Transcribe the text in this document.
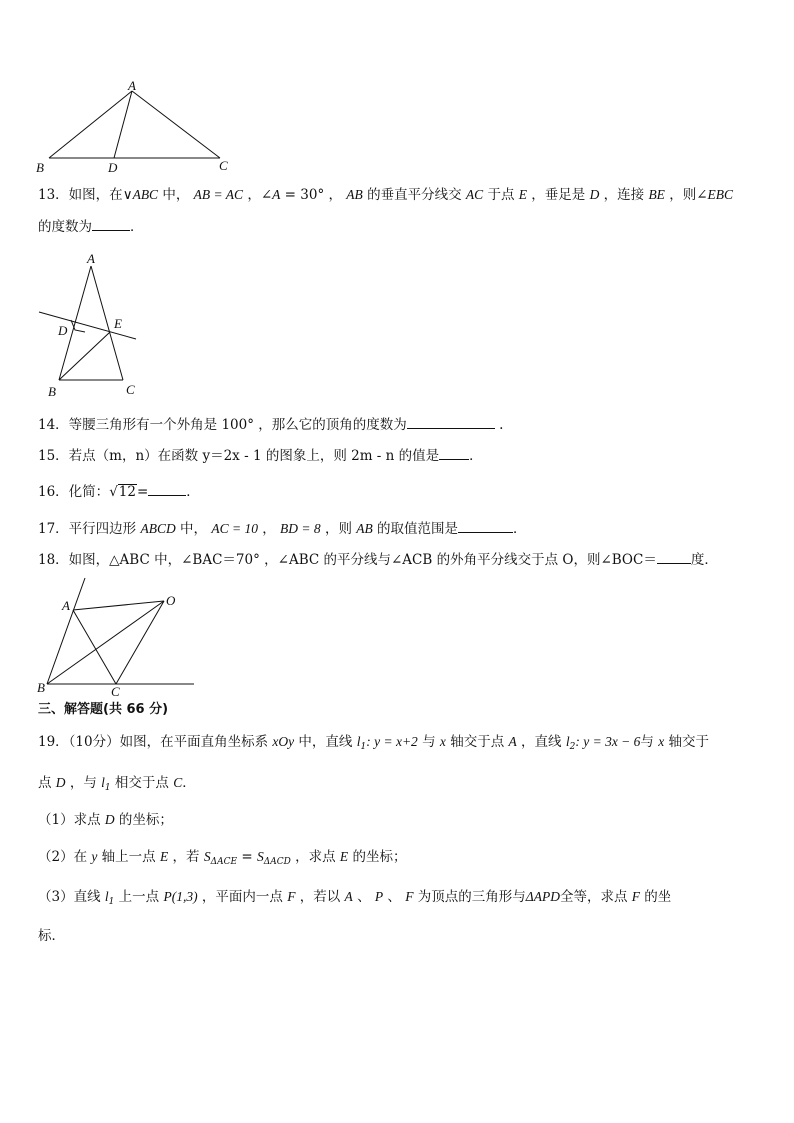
A
B	D	C
13．如图，在∨ABC 中， AB = AC ，∠A = 30° ， AB 的垂直平分线交 AC 于点 E ，垂足是 D ，连接 BE ，则∠EBC
的度数为	．
A
D	E
B	C
14．等腰三角形有一个外角是 100° ，那么它的顶角的度数为	.
15．若点（m，n）在函数 y＝2x - 1 的图象上，则 2m - n 的值是 ．
16．化简：√12=	．
17．平行四边形 ABCD 中， AC = 10 ， BD = 8 ，则 AB 的取值范围是	．
18．如图，△ABC 中，∠BAC＝70° ，∠ABC 的平分线与∠ACB 的外角平分线交于点 O，则∠BOC＝	度．
A	O
B	C
三、解答题(共 66 分)
19．（10分）如图，在平面直角坐标系 xOy 中，直线 $l_1$: y = x+2 与 x 轴交于点 A ，直线 $l_2$: y = 3x − 6与 x 轴交于
点 D ，与 $l_1$ 相交于点 C．
（1）求点 D 的坐标；
（2）在 y 轴上一点 E ，若 $S_{\Delta ACE} = S_{\Delta ACD}$ ，求点 E 的坐标；
（3）直线 $l_1$ 上一点 P(1,3) ，平面内一点 F ，若以 A 、 P 、 F 为顶点的三角形与ΔAPD全等，求点 F 的坐
标．
